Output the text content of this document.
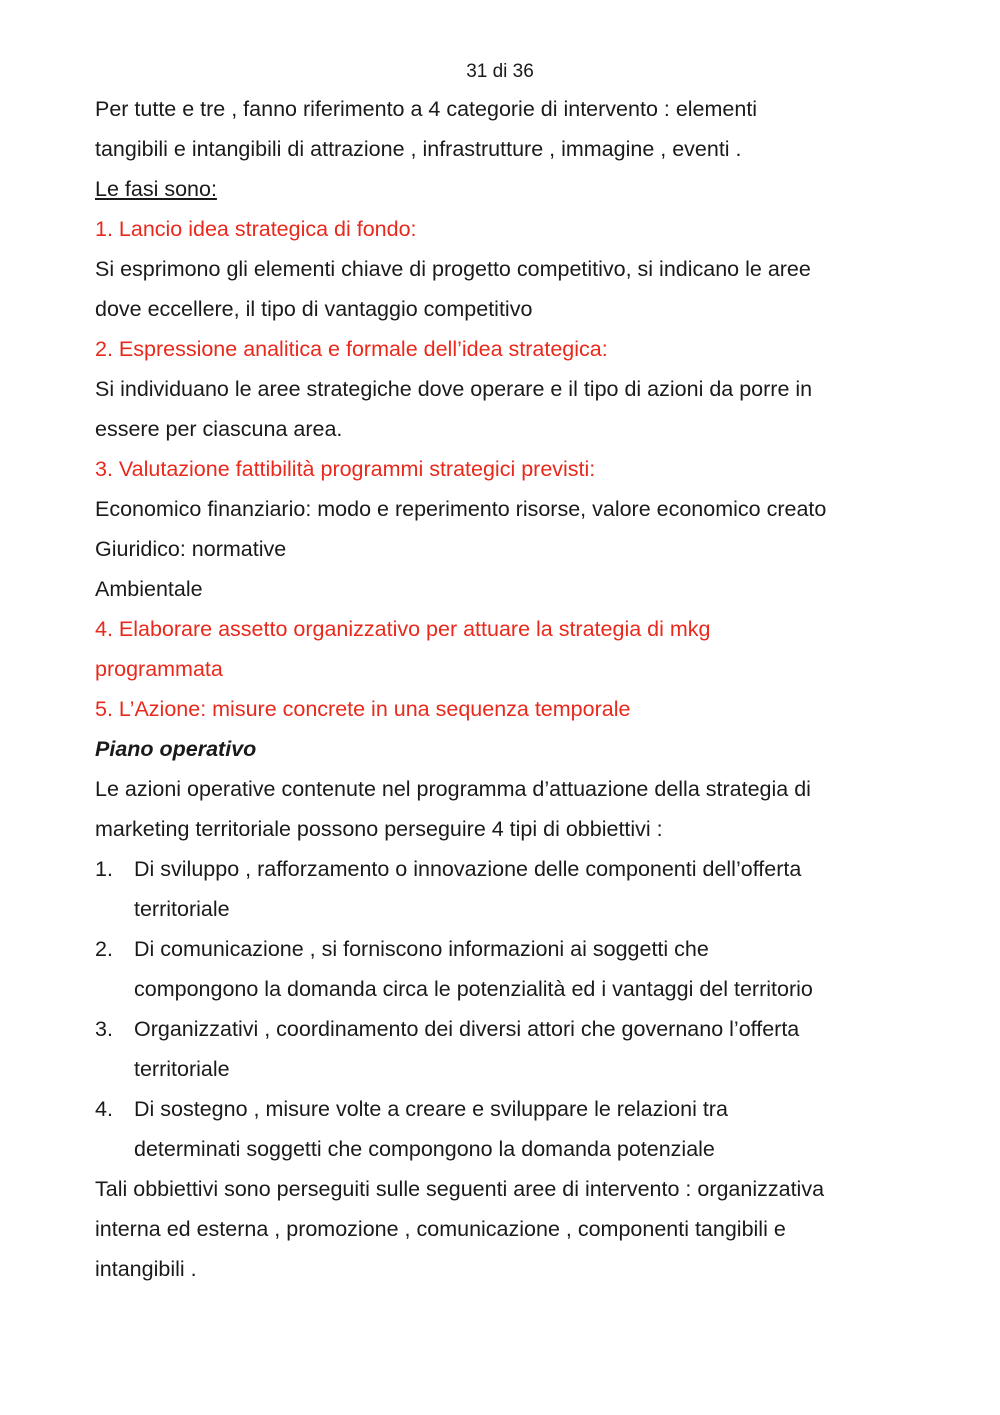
31 di 36
Per tutte e tre , fanno riferimento a 4 categorie di intervento : elementi
tangibili e intangibili di attrazione , infrastrutture , immagine , eventi .
Le fasi sono:
1. Lancio idea strategica di fondo:
Si esprimono gli elementi chiave di progetto competitivo, si indicano le aree
dove eccellere, il tipo di vantaggio competitivo
2. Espressione analitica e formale dell’idea strategica:
Si individuano le aree strategiche dove operare e il tipo di azioni da porre in
essere per ciascuna area.
3. Valutazione fattibilità programmi strategici previsti:
Economico finanziario: modo e reperimento risorse, valore economico creato
Giuridico: normative
Ambientale
4. Elaborare assetto organizzativo per attuare la strategia di mkg
programmata
5. L’Azione: misure concrete in una sequenza temporale
Piano operativo
Le azioni operative contenute nel programma d’attuazione della strategia di
marketing territoriale possono perseguire 4 tipi di obbiettivi :
1. Di sviluppo , rafforzamento o innovazione delle componenti dell’offerta
territoriale
2. Di comunicazione , si forniscono informazioni ai soggetti che
compongono la domanda circa le potenzialità ed i vantaggi del territorio
3. Organizzativi , coordinamento dei diversi attori che governano l’offerta
territoriale
4. Di sostegno , misure volte a creare e sviluppare le relazioni tra
determinati soggetti che compongono la domanda potenziale
Tali obbiettivi sono perseguiti sulle seguenti aree di intervento : organizzativa
interna ed esterna , promozione , comunicazione , componenti tangibili e
intangibili .
